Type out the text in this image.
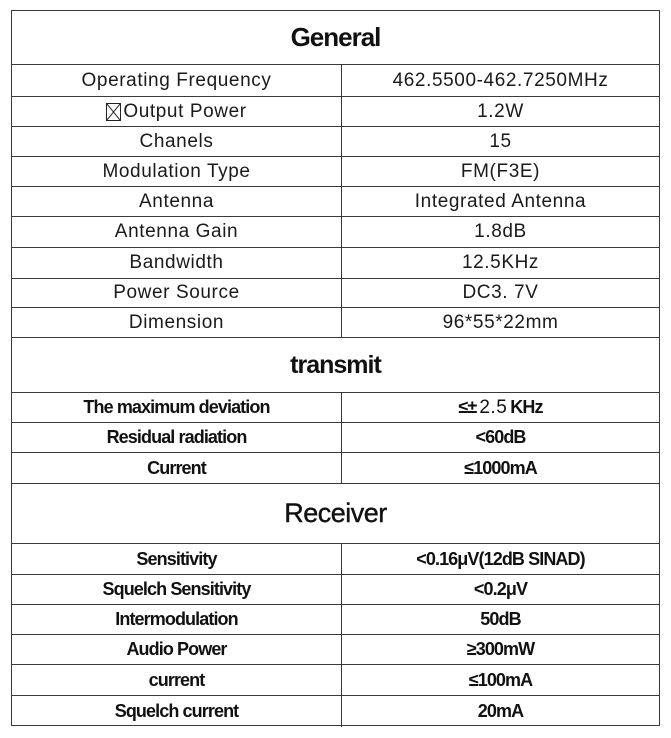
General
Operating Frequency	462.5500-462.7250MHz
Output Power	1.2W
Chanels	15
Modulation Type	FM(F3E)
Antenna	Integrated Antenna
Antenna Gain	1.8dB
Bandwidth	12.5KHz
Power Source	DC3. 7V
Dimension	96*55*22mm
transmit
The maximum deviation	≤± 2.5 KHz
Residual radiation	<60dB
Current	≤1000mA
Receiver
Sensitivity	<0.16μV(12dB SINAD)
Squelch Sensitivity	<0.2μV
Intermodulation	50dB
Audio Power	≥300mW
current	≤100mA
Squelch current	20mA
